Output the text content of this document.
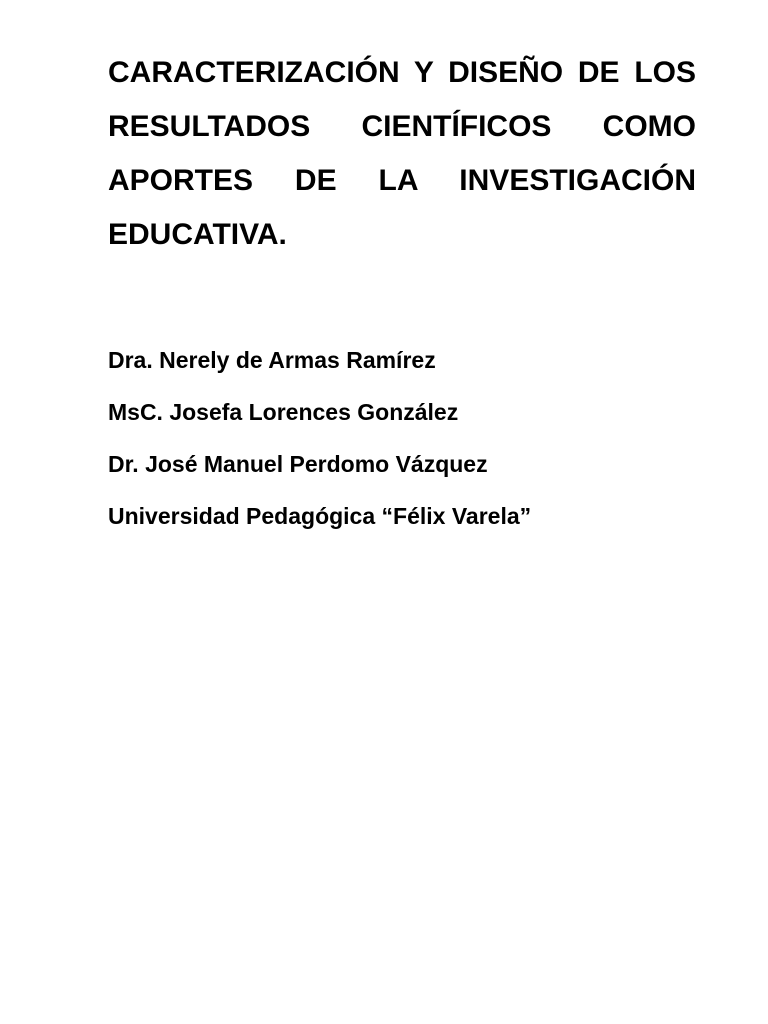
CARACTERIZACIÓN Y DISEÑO DE LOS
RESULTADOS CIENTÍFICOS COMO
APORTES DE LA INVESTIGACIÓN
EDUCATIVA.
Dra. Nerely de Armas Ramírez
MsC. Josefa Lorences González
Dr. José Manuel Perdomo Vázquez
Universidad Pedagógica “Félix Varela”
